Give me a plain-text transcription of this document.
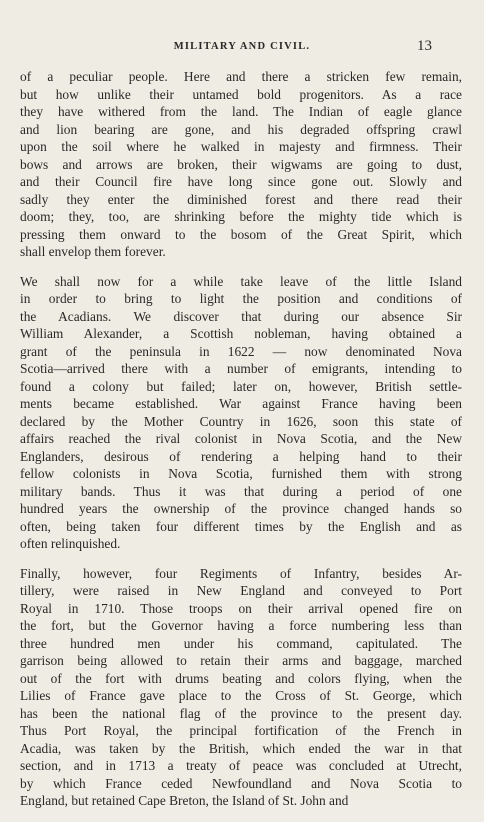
MILITARY AND CIVIL.	13

of a peculiar people. Here and there a stricken few remain,
but how unlike their untamed bold progenitors. As a race
they have withered from the land. The Indian of eagle glance
and lion bearing are gone, and his degraded offspring crawl
upon the soil where he walked in majesty and firmness. Their
bows and arrows are broken, their wigwams are going to dust,
and their Council fire have long since gone out. Slowly and
sadly they enter the diminished forest and there read their
doom; they, too, are shrinking before the mighty tide which is
pressing them onward to the bosom of the Great Spirit, which
shall envelop them forever.

We shall now for a while take leave of the little Island
in order to bring to light the position and conditions of
the Acadians. We discover that during our absence Sir
William Alexander, a Scottish nobleman, having obtained a
grant of the peninsula in 1622 — now denominated Nova
Scotia—arrived there with a number of emigrants, intending to
found a colony but failed; later on, however, British settle-
ments became established. War against France having been
declared by the Mother Country in 1626, soon this state of
affairs reached the rival colonist in Nova Scotia, and the New
Englanders, desirous of rendering a helping hand to their
fellow colonists in Nova Scotia, furnished them with strong
military bands. Thus it was that during a period of one
hundred years the ownership of the province changed hands so
often, being taken four different times by the English and as
often relinquished.

Finally, however, four Regiments of Infantry, besides Ar-
tillery, were raised in New England and conveyed to Port
Royal in 1710. Those troops on their arrival opened fire on
the fort, but the Governor having a force numbering less than
three hundred men under his command, capitulated. The
garrison being allowed to retain their arms and baggage, marched
out of the fort with drums beating and colors flying, when the
Lilies of France gave place to the Cross of St. George, which
has been the national flag of the province to the present day.
Thus Port Royal, the principal fortification of the French in
Acadia, was taken by the British, which ended the war in that
section, and in 1713 a treaty of peace was concluded at Utrecht,
by which France ceded Newfoundland and Nova Scotia to
England, but retained Cape Breton, the Island of St. John and
